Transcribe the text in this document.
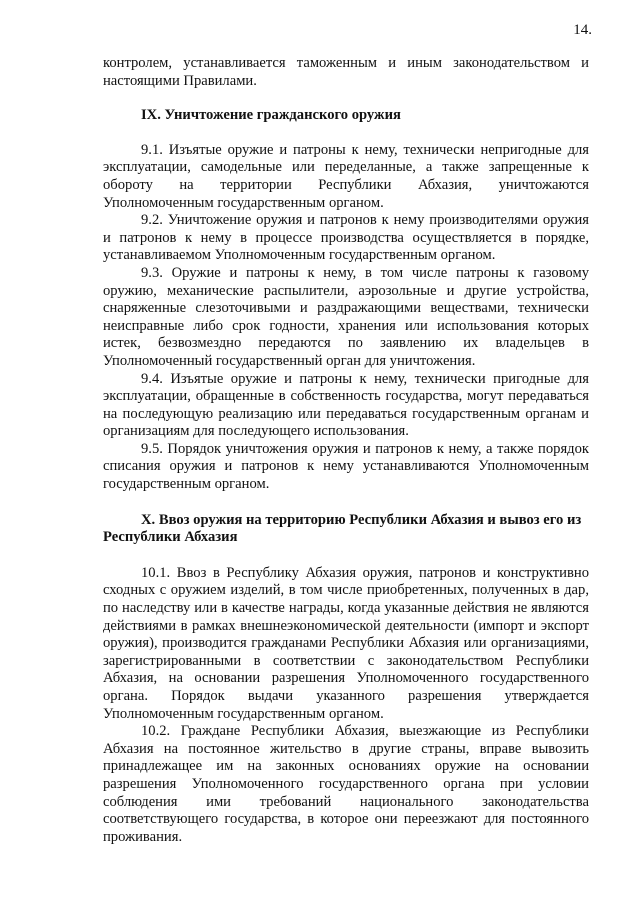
14.

контролем, устанавливается таможенным и иным законодательством и настоящими Правилами.

IX. Уничтожение гражданского оружия

9.1. Изъятые оружие и патроны к нему, технически непригодные для эксплуатации, самодельные или переделанные, а также запрещенные к обороту на территории Республики Абхазия, уничтожаются Уполномоченным государственным органом.

9.2. Уничтожение оружия и патронов к нему производителями оружия и патронов к нему в процессе производства осуществляется в порядке, устанавливаемом Уполномоченным государственным органом.

9.3. Оружие и патроны к нему, в том числе патроны к газовому оружию, механические распылители, аэрозольные и другие устройства, снаряженные слезоточивыми и раздражающими веществами, технически неисправные либо срок годности, хранения или использования которых истек, безвозмездно передаются по заявлению их владельцев в Уполномоченный государственный орган для уничтожения.

9.4. Изъятые оружие и патроны к нему, технически пригодные для эксплуатации, обращенные в собственность государства, могут передаваться на последующую реализацию или передаваться государственным органам и организациям для последующего использования.

9.5. Порядок уничтожения оружия и патронов к нему, а также порядок списания оружия и патронов к нему устанавливаются Уполномоченным государственным органом.

X. Ввоз оружия на территорию Республики Абхазия и вывоз его из Республики Абхазия

10.1. Ввоз в Республику Абхазия оружия, патронов и конструктивно сходных с оружием изделий, в том числе приобретенных, полученных в дар, по наследству или в качестве награды, когда указанные действия не являются действиями в рамках внешнеэкономической деятельности (импорт и экспорт оружия), производится гражданами Республики Абхазия или организациями, зарегистрированными в соответствии с законодательством Республики Абхазия, на основании разрешения Уполномоченного государственного органа. Порядок выдачи указанного разрешения утверждается Уполномоченным государственным органом.

10.2. Граждане Республики Абхазия, выезжающие из Республики Абхазия на постоянное жительство в другие страны, вправе вывозить принадлежащее им на законных основаниях оружие на основании разрешения Уполномоченного государственного органа при условии соблюдения ими требований национального законодательства соответствующего государства, в которое они переезжают для постоянного проживания.
